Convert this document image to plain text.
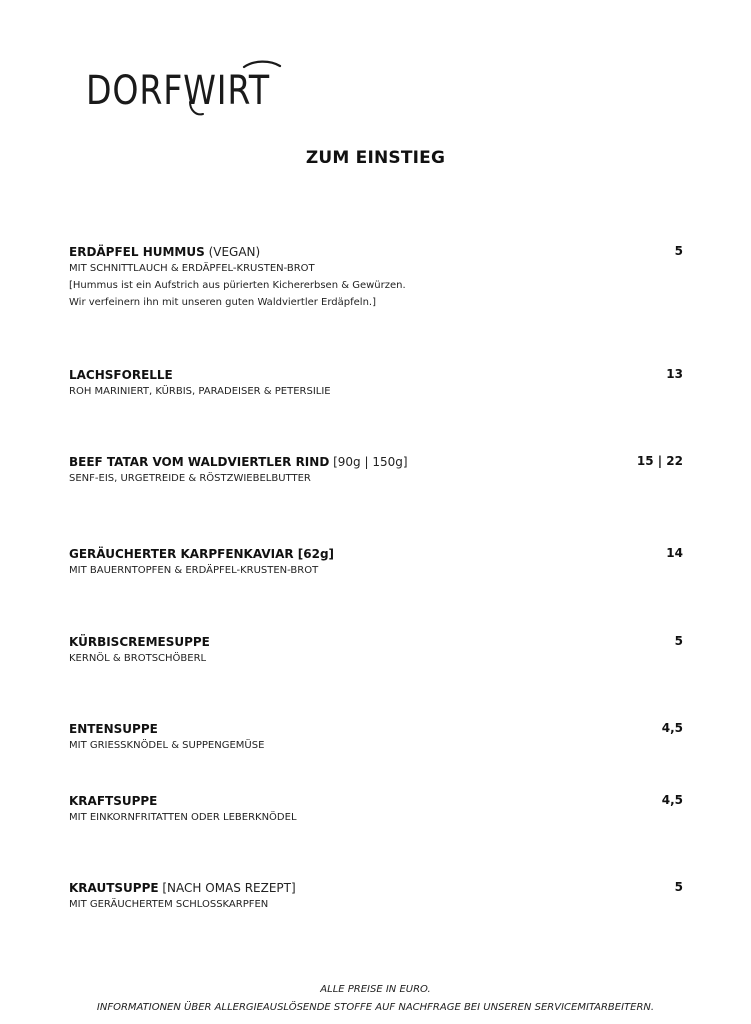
DORFWIRT
ZUM EINSTIEG
ERDÄPFEL HUMMUS (VEGAN)	5
MIT SCHNITTLAUCH & ERDÄPFEL-KRUSTEN-BROT
[Hummus ist ein Aufstrich aus pürierten Kichererbsen & Gewürzen.
Wir verfeinern ihn mit unseren guten Waldviertler Erdäpfeln.]
LACHSFORELLE	13
ROH MARINIERT, KÜRBIS, PARADEISER & PETERSILIE
BEEF TATAR VOM WALDVIERTLER RIND [90g | 150g]	15 | 22
SENF-EIS, URGETREIDE & RÖSTZWIEBELBUTTER
GERÄUCHERTER KARPFENKAVIAR [62g]	14
MIT BAUERNTOPFEN & ERDÄPFEL-KRUSTEN-BROT
KÜRBISCREMESUPPE	5
KERNÖL & BROTSCHÖBERL
ENTENSUPPE	4,5
MIT GRIESSKNÖDEL & SUPPENGEMÜSE
KRAFTSUPPE	4,5
MIT EINKORNFRITATTEN ODER LEBERKNÖDEL
KRAUTSUPPE [NACH OMAS REZEPT]	5
MIT GERÄUCHERTEM SCHLOSSKARPFEN
ALLE PREISE IN EURO.
INFORMATIONEN ÜBER ALLERGIEAUSLÖSENDE STOFFE AUF NACHFRAGE BEI UNSEREN SERVICEMITARBEITERN.
